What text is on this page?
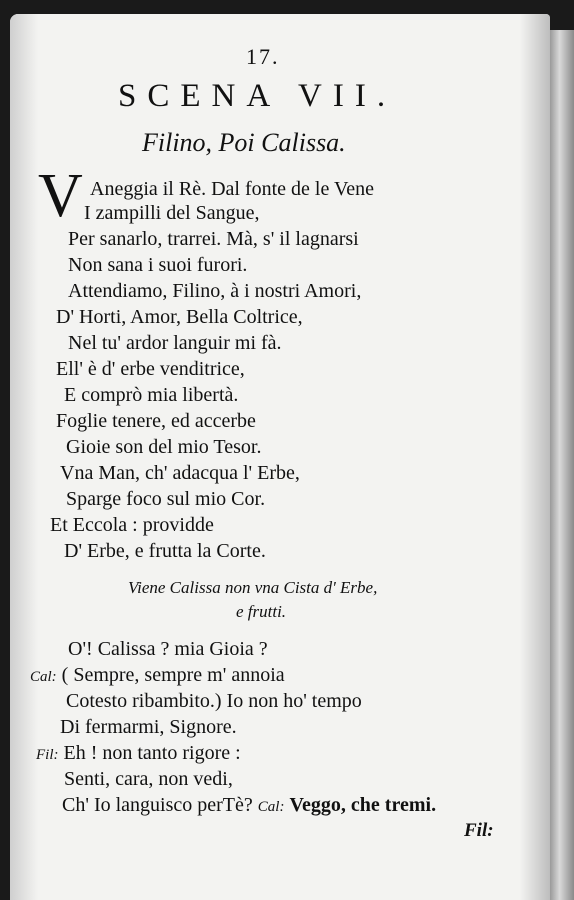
17.
SCENA VII.
Filino, Poi Calissa.
V Aneggia il Rè. Dal fonte de le Vene
I zampilli del Sangue,
Per sanarlo, trarrei. Mà, s' il lagnarsi
Non sana i suoi furori.
Attendiamo, Filino, à i nostri Amori,
D' Horti, Amor, Bella Coltrice,
Nel tu' ardor languir mi fà.
Ell' è d' erbe venditrice,
E comprò mia libertà.
Foglie tenere, ed accerbe
Gioie son del mio Tesor.
Vna Man, ch' adacqua l' Erbe,
Sparge foco sul mio Cor.
Et Eccola : providde
D' Erbe, e frutta la Corte.
Viene Calissa non vna Cista d' Erbe,
e frutti.
O'! Calissa ? mia Gioia ?
Cal: ( Sempre, sempre m' annoia
Cotesto ribambito.) Io non ho' tempo
Di fermarmi, Signore.
Fil: Eh ! non tanto rigore :
Senti, cara, non vedi,
Ch' Io languisco perTè? Cal: Veggo, che tremi.
Fil:
